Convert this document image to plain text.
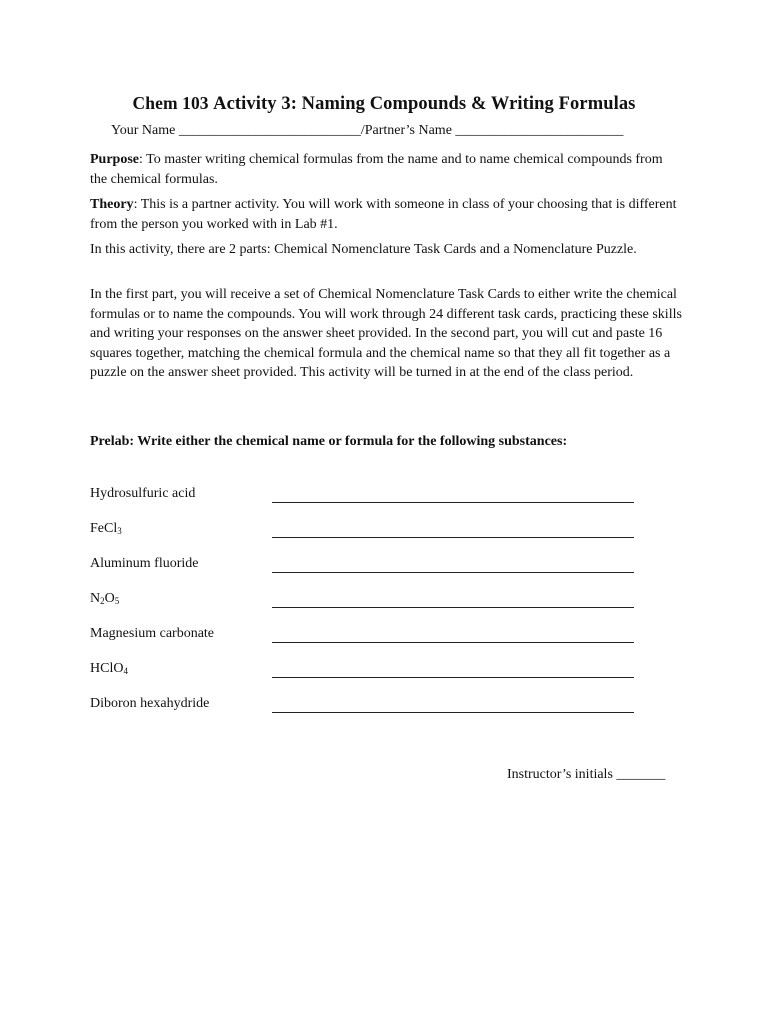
Chem 103 Activity 3: Naming Compounds & Writing Formulas
Your Name __________________________/Partner’s Name ________________________

Purpose: To master writing chemical formulas from the name and to name chemical compounds from the chemical formulas.

Theory: This is a partner activity. You will work with someone in class of your choosing that is different from the person you worked with in Lab #1.

In this activity, there are 2 parts: Chemical Nomenclature Task Cards and a Nomenclature Puzzle.

In the first part, you will receive a set of Chemical Nomenclature Task Cards to either write the chemical formulas or to name the compounds. You will work through 24 different task cards, practicing these skills and writing your responses on the answer sheet provided. In the second part, you will cut and paste 16 squares together, matching the chemical formula and the chemical name so that they all fit together as a puzzle on the answer sheet provided. This activity will be turned in at the end of the class period.

Prelab: Write either the chemical name or formula for the following substances:
Hydrosulfuric acid
FeCl$_3$
Aluminum fluoride
$N_2O_5$
Magnesium carbonate
HClO$_4$
Diboron hexahydride
Instructor’s initials _______
